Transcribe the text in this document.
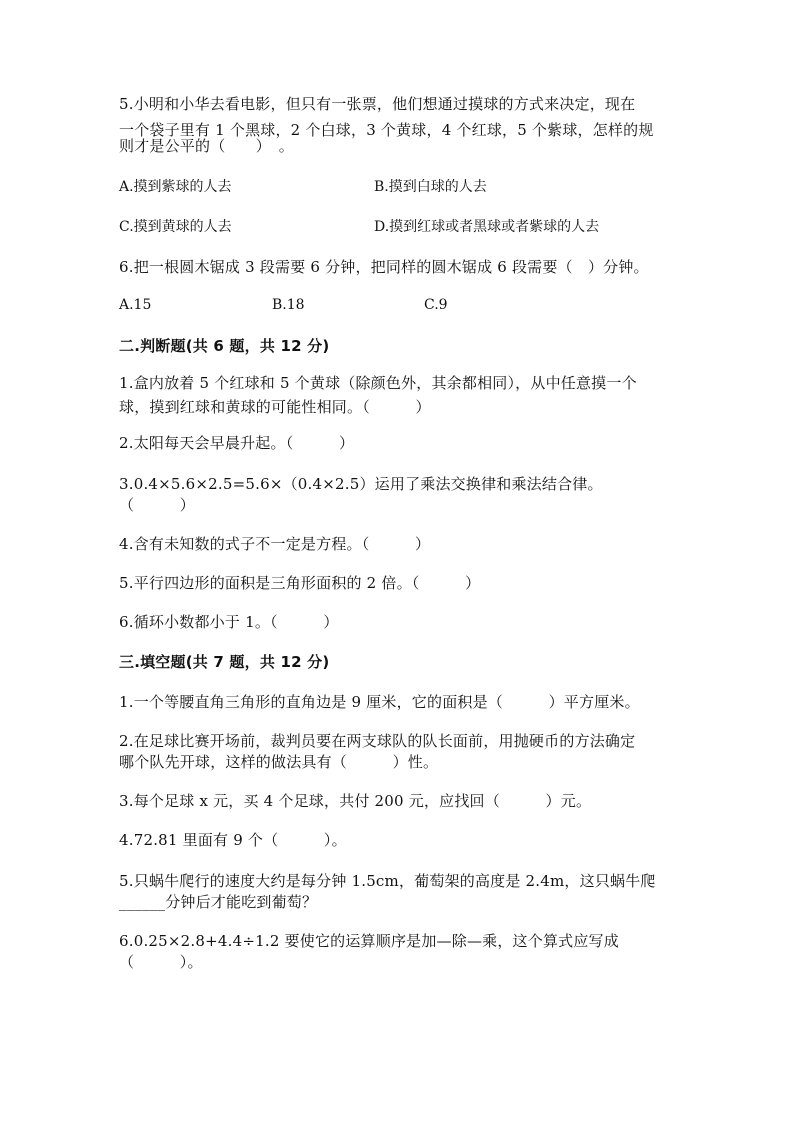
5.小明和小华去看电影，但只有一张票，他们想通过摸球的方式来决定，现在
一个袋子里有 1 个黑球，2 个白球，3 个黄球，4 个红球，5 个紫球，怎样的规
则才是公平的（　　）　。
A.摸到紫球的人去	B.摸到白球的人去
C.摸到黄球的人去	D.摸到红球或者黑球或者紫球的人去
6.把一根圆木锯成 3 段需要 6 分钟，把同样的圆木锯成 6 段需要（　）分钟。
A.15	B.18	C.9
二.判断题(共 6 题，共 12 分)
1.盒内放着 5 个红球和 5 个黄球（除颜色外，其余都相同），从中任意摸一个
球，摸到红球和黄球的可能性相同。（　　　）
2.太阳每天会早晨升起。（　　　）
3.0.4×5.6×2.5=5.6×（0.4×2.5）运用了乘法交换律和乘法结合律。
（　　　）
4.含有未知数的式子不一定是方程。（　　　）
5.平行四边形的面积是三角形面积的 2 倍。（　　　）
6.循环小数都小于 1。（　　　）
三.填空题(共 7 题，共 12 分)
1.一个等腰直角三角形的直角边是 9 厘米，它的面积是（　　　）平方厘米。
2.在足球比赛开场前，裁判员要在两支球队的队长面前，用抛硬币的方法确定
哪个队先开球，这样的做法具有（　　　）性。
3.每个足球 x 元，买 4 个足球，共付 200 元，应找回（　　　）元。
4.72.81 里面有 9 个（　　　）。
5.只蜗牛爬行的速度大约是每分钟 1.5cm，葡萄架的高度是 2.4m，这只蜗牛爬
______分钟后才能吃到葡萄？
6.0.25×2.8+4.4÷1.2 要使它的运算顺序是加—除—乘，这个算式应写成
（　　　）。
